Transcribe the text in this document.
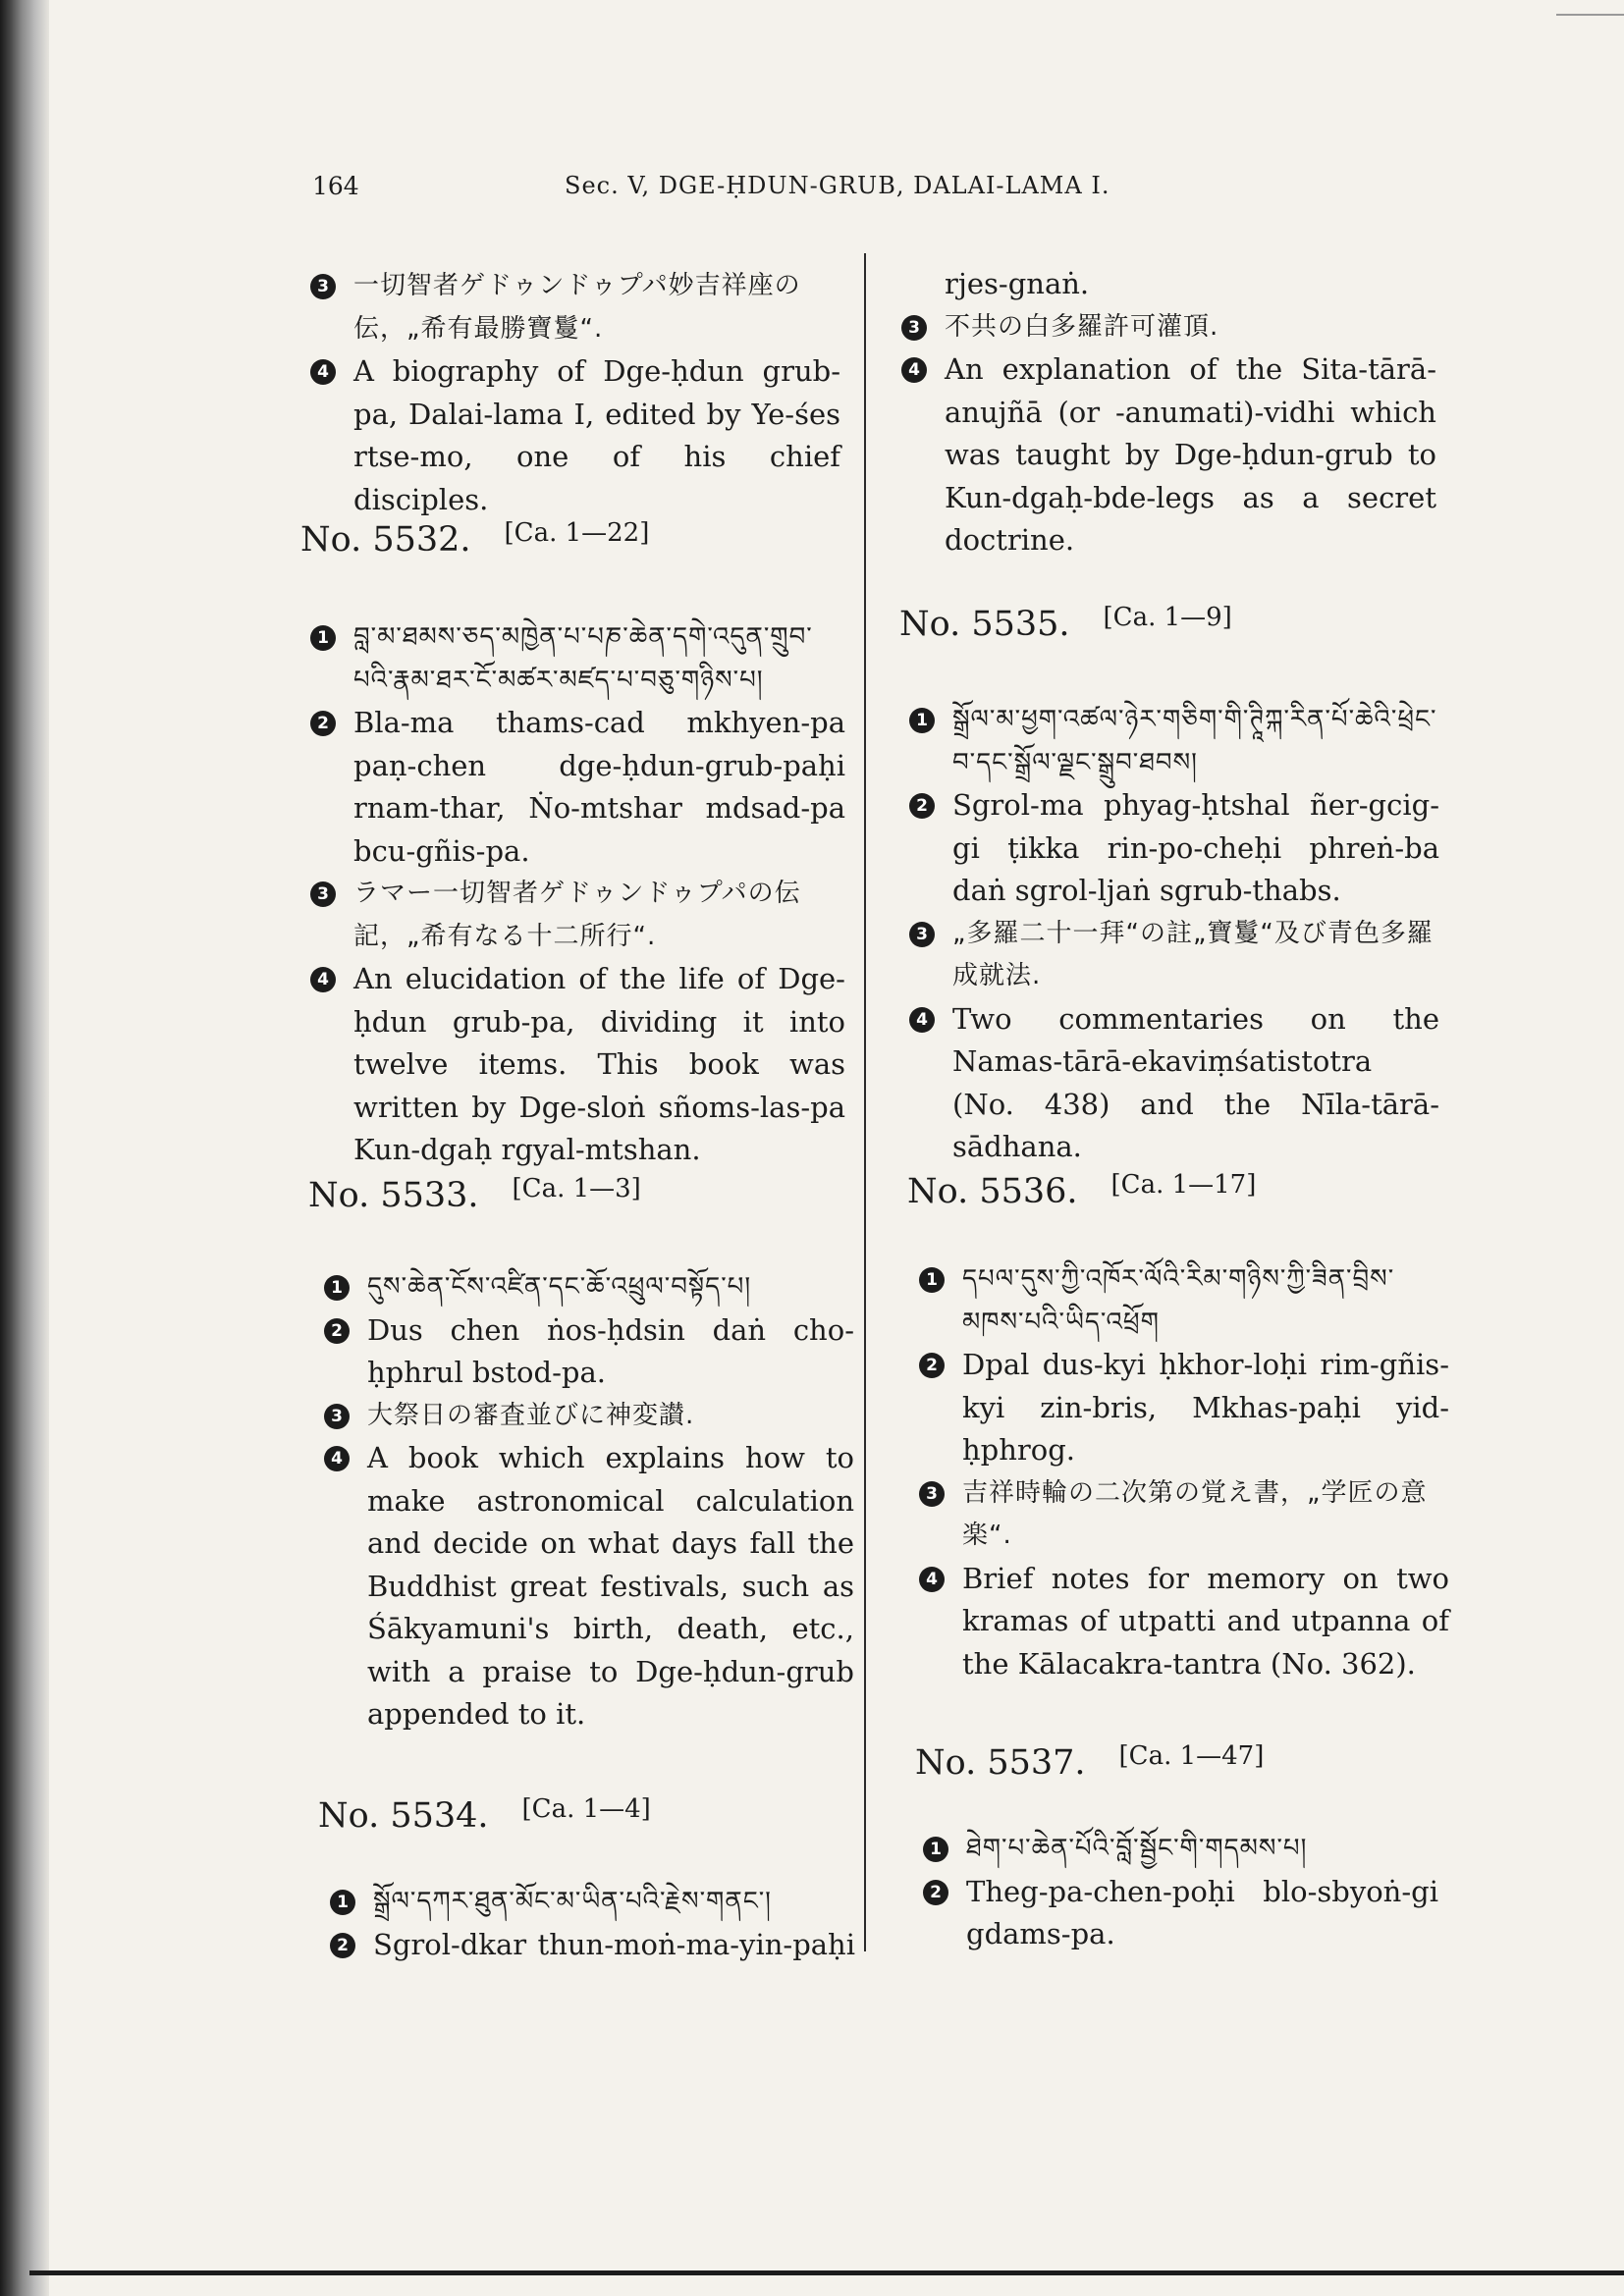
164	Sec. V, DGE-ḤDUN-GRUB, DALAI-LAMA I.
3 一切智者ゲドゥンドゥプパ妙吉祥座の伝，„希有最勝寶鬘“.
4 A biography of Dge-ḥdun grub-pa, Dalai-lama I, edited by Ye-śes rtse-mo, one of his chief disciples.
No. 5532. [Ca. 1—22]
1 བླ་མ་ཐམས་ཅད་མཁྱེན་པ་པཎ་ཆེན་དགེ་འདུན་གྲུབ་པའི་རྣམ་ཐར་ངོ་མཚར་མཛད་པ་བཅུ་གཉིས་པ།
2 Bla-ma thams-cad mkhyen-pa paṇ-chen dge-ḥdun-grub-paḥi rnam-thar, Ṅo-mtshar mdsad-pa bcu-gñis-pa.
3 ラマー一切智者ゲドゥンドゥプパの伝記，„希有なる十二所行“.
4 An elucidation of the life of Dge-ḥdun grub-pa, dividing it into twelve items. This book was written by Dge-sloṅ sñoms-las-pa Kun-dgaḥ rgyal-mtshan.
No. 5533. [Ca. 1—3]
1 དུས་ཆེན་ངོས་འཛིན་དང་ཆོ་འཕྲུལ་བསྟོད་པ།
2 Dus chen ṅos-ḥdsin daṅ cho-ḥphrul bstod-pa.
3 大祭日の審査並びに神変讃.
4 A book which explains how to make astronomical calculation and decide on what days fall the Buddhist great festivals, such as Śākyamuni's birth, death, etc., with a praise to Dge-ḥdun-grub appended to it.
No. 5534. [Ca. 1—4]
1 སྒྲོལ་དཀར་ཐུན་མོང་མ་ཡིན་པའི་རྗེས་གནང་།
2 Sgrol-dkar thun-moṅ-ma-yin-paḥi
rjes-gnaṅ.
3 不共の白多羅許可灌頂.
4 An explanation of the Sita-tārā-anujñā (or -anumati)-vidhi which was taught by Dge-ḥdun-grub to Kun-dgaḥ-bde-legs as a secret doctrine.
No. 5535. [Ca. 1—9]
1 སྒྲོལ་མ་ཕྱག་འཚལ་ཉེར་གཅིག་གི་ཊཱིཀྐ་རིན་པོ་ཆེའི་ཕྲེང་བ་དང་སྒྲོལ་ལྗང་སྒྲུབ་ཐབས།
2 Sgrol-ma phyag-ḥtshal ñer-gcig-gi ṭikka rin-po-cheḥi phreṅ-ba daṅ sgrol-ljaṅ sgrub-thabs.
3 „多羅二十一拜“の註„寶鬘“及び青色多羅成就法.
4 Two commentaries on the Namas-tārā-ekaviṃśatistotra (No. 438) and the Nīla-tārā-sādhana.
No. 5536. [Ca. 1—17]
1 དཔལ་དུས་ཀྱི་འཁོར་ལོའི་རིམ་གཉིས་ཀྱི་ཟིན་བྲིས་མཁས་པའི་ཡིད་འཕྲོག
2 Dpal dus-kyi ḥkhor-loḥi rim-gñis-kyi zin-bris, Mkhas-paḥi yid-ḥphrog.
3 吉祥時輪の二次第の覚え書，„学匠の意楽“.
4 Brief notes for memory on two kramas of utpatti and utpanna of the Kālacakra-tantra (No. 362).
No. 5537. [Ca. 1—47]
1 ཐེག་པ་ཆེན་པོའི་བློ་སྦྱོང་གི་གདམས་པ།
2 Theg-pa-chen-poḥi blo-sbyoṅ-gi gdams-pa.
